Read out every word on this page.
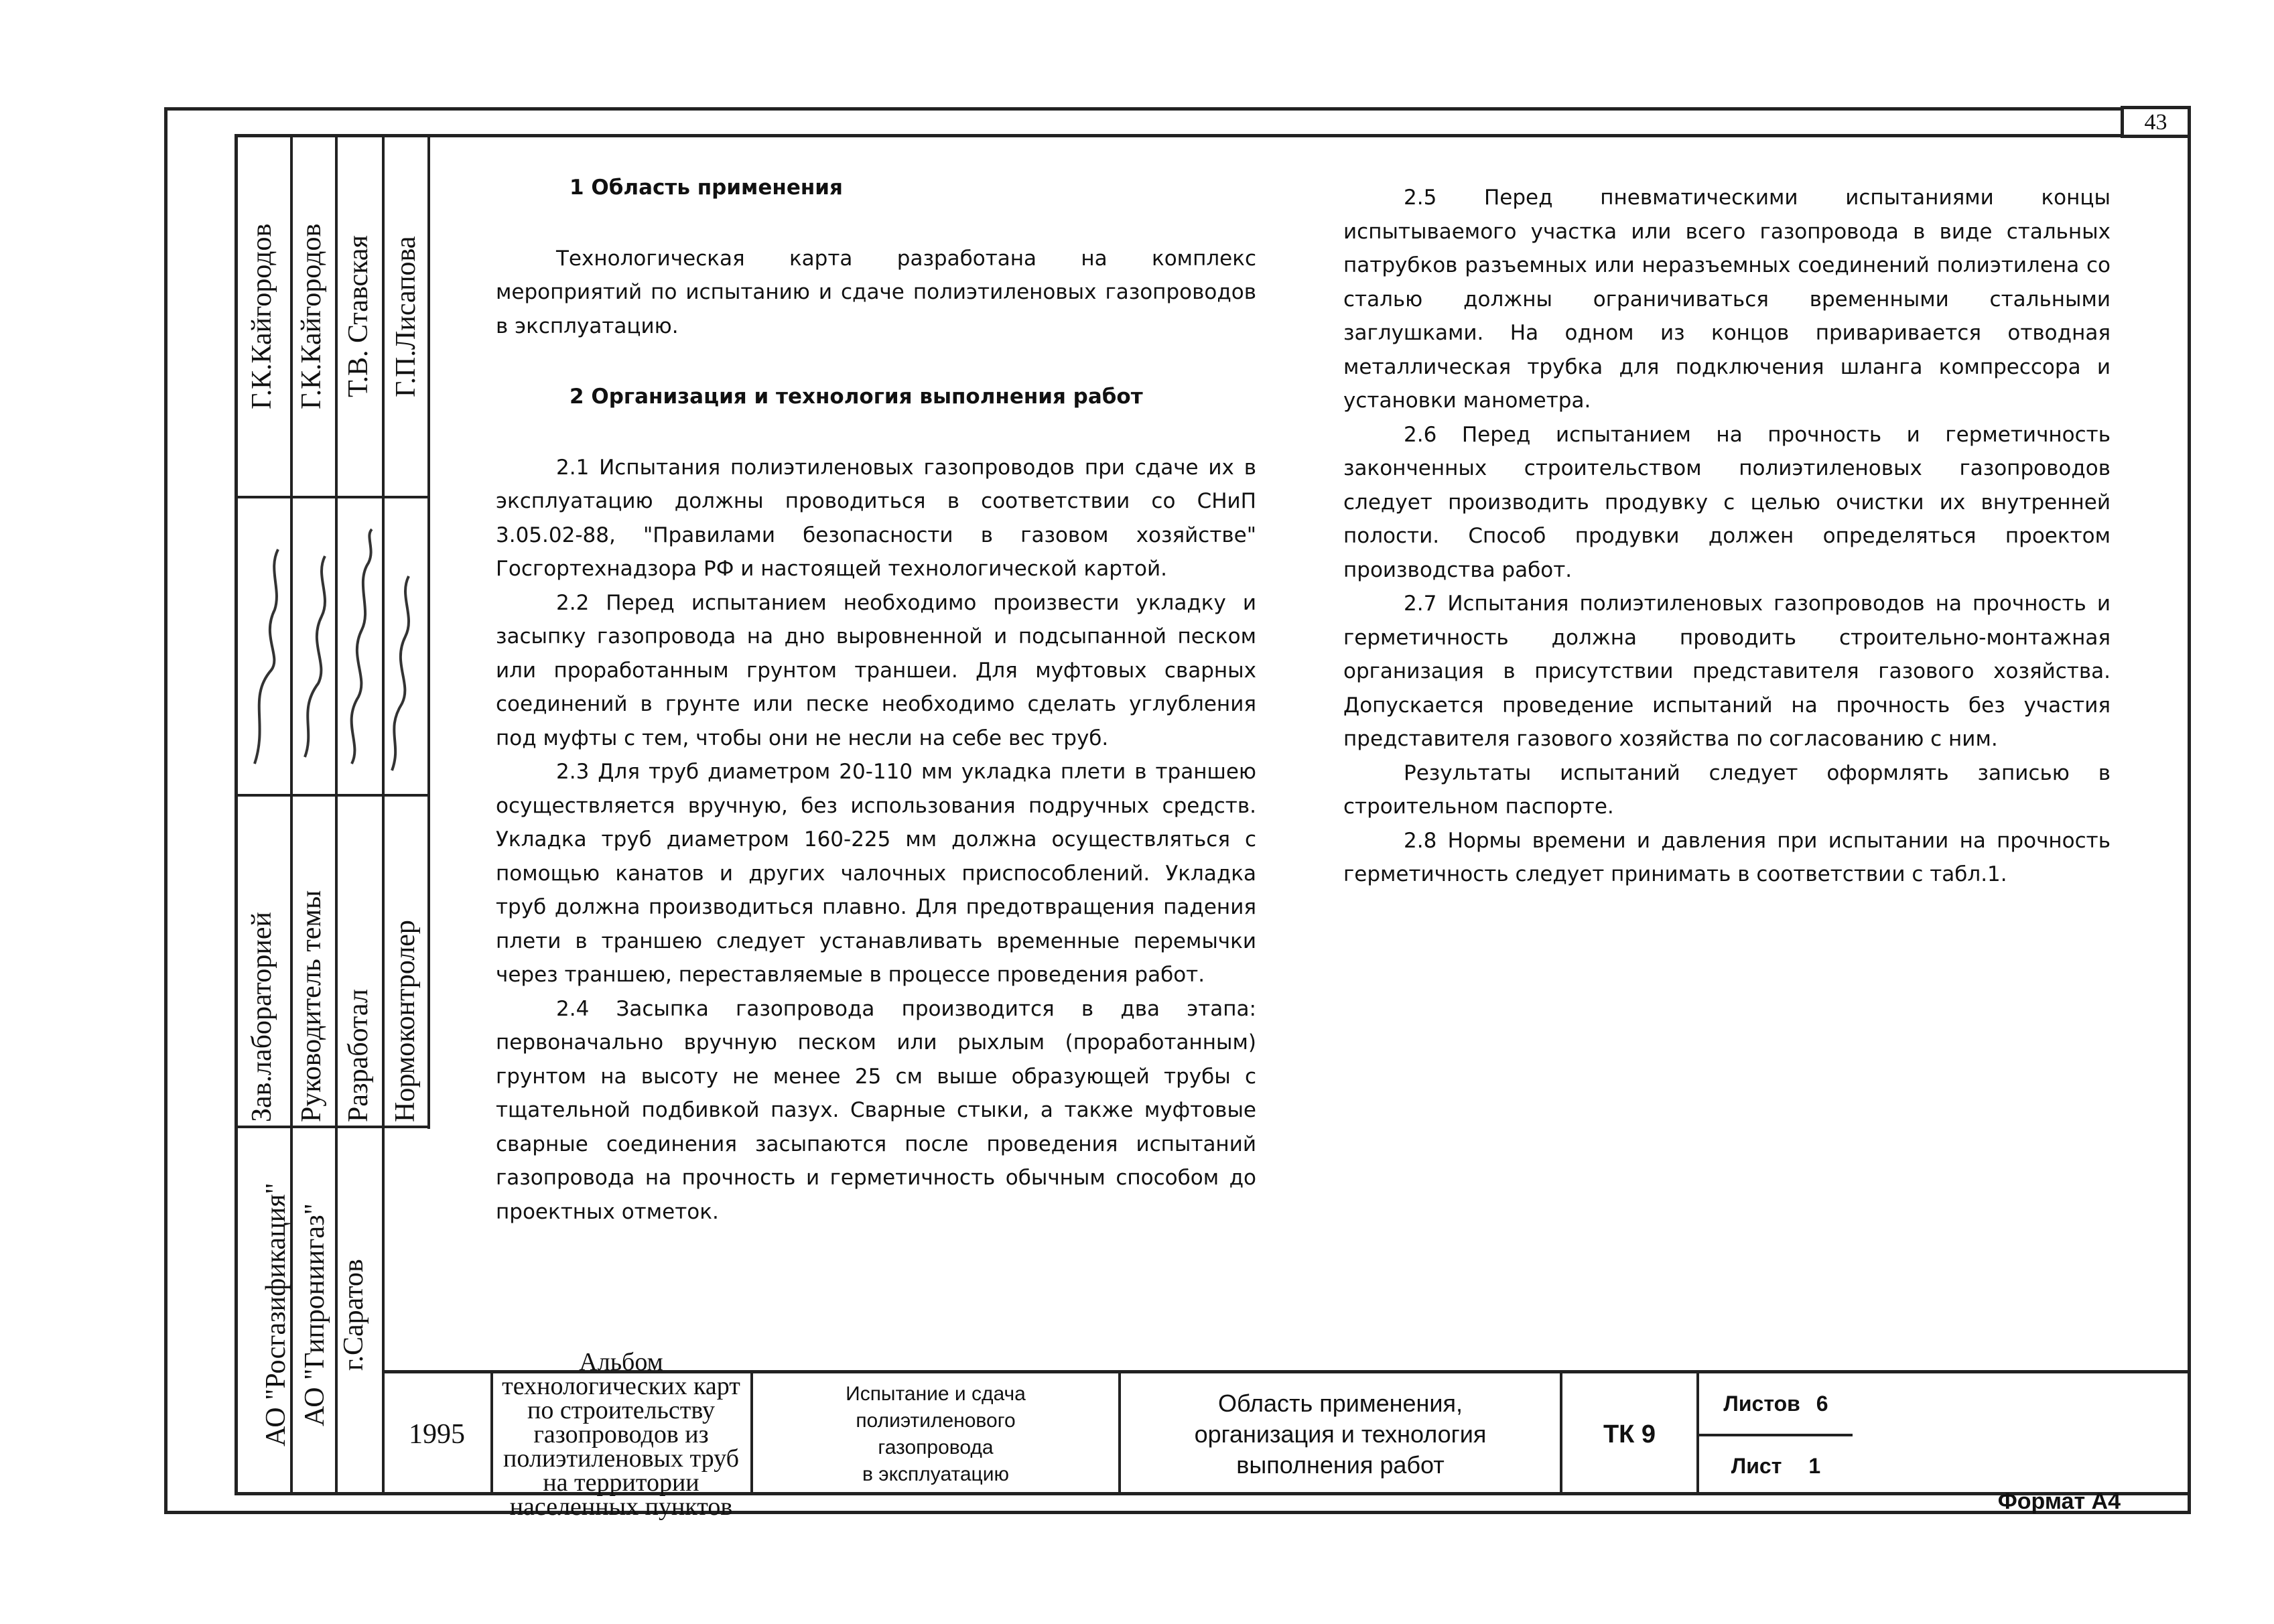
43
Г.К.Кайгородов Г.К.Кайгородов Т.В. Ставская Г.П.Лисапова
Зав.лабораторией Руководитель темы Разработал Нормоконтролер
АО "Росгазификация" АО "Гипрониигаз" г.Саратов

1 Область применения

Технологическая карта разработана на комплекс мероприятий по испытанию и сдаче полиэтиленовых газопроводов в эксплуатацию.

2 Организация и технология выполнения работ

2.1 Испытания полиэтиленовых газопроводов при сдаче их в эксплуатацию должны проводиться в соответствии со СНиП 3.05.02-88, "Правилами безопасности в газовом хозяйстве" Госгортехнадзора РФ и настоящей технологической картой.

2.2 Перед испытанием необходимо произвести укладку и засыпку газопровода на дно выровненной и подсыпанной песком или проработанным грунтом траншеи. Для муфтовых сварных соединений в грунте или песке необходимо сделать углубления под муфты с тем, чтобы они не несли на себе вес труб.

2.3 Для труб диаметром 20-110 мм укладка плети в траншею осуществляется вручную, без использования подручных средств. Укладка труб диаметром 160-225 мм должна осуществляться с помощью канатов и других чалочных приспособлений. Укладка труб должна производиться плавно. Для предотвращения падения плети в траншею следует устанавливать временные перемычки через траншею, переставляемые в процессе проведения работ.

2.4 Засыпка газопровода производится в два этапа: первоначально вручную песком или рыхлым (проработанным) грунтом на высоту не менее 25 см выше образующей трубы с тщательной подбивкой пазух. Сварные стыки, а также муфтовые сварные соединения засыпаются после проведения испытаний газопровода на прочность и герметичность обычным способом до проектных отметок.

2.5 Перед пневматическими испытаниями концы испытываемого участка или всего газопровода в виде стальных патрубков разъемных или неразъемных соединений полиэтилена со сталью должны ограничиваться временными стальными заглушками. На одном из концов приваривается отводная металлическая трубка для подключения шланга компрессора и установки манометра.

2.6 Перед испытанием на прочность и герметичность законченных строительством полиэтиленовых газопроводов следует производить продувку с целью очистки их внутренней полости. Способ продувки должен определяться проектом производства работ.

2.7 Испытания полиэтиленовых газопроводов на прочность и герметичность должна проводить строительно-монтажная организация в присутствии представителя газового хозяйства. Допускается проведение испытаний на прочность без участия представителя газового хозяйства по согласованию с ним.

Результаты испытаний следует оформлять записью в строительном паспорте.

2.8 Нормы времени и давления при испытании на прочность герметичность следует принимать в соответствии с табл.1.

1995
Альбом технологических карт
по строительству газопроводов из
полиэтиленовых труб на территории
населенных пунктов
Испытание и сдача
полиэтиленового
газопровода
в эксплуатацию
Область применения,
организация и технология
выполнения работ
ТК 9
Листов 6
Лист 1
Формат А4
